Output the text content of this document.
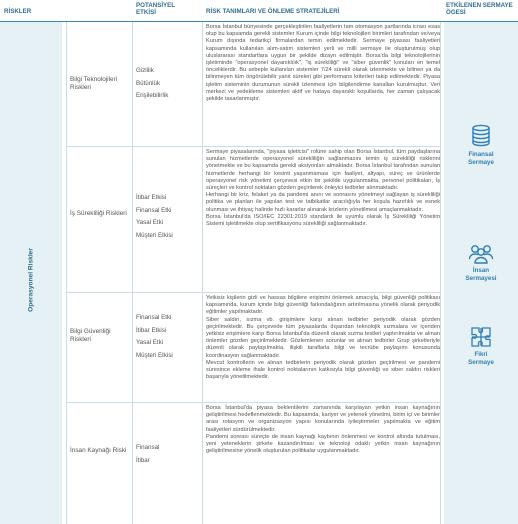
RİSKLER
POTANSİYEL ETKİSİ	RİSK TANIMLARI VE ÖNLEME STRATEJİLERİ
ETKİLENEN SERMAYE ÖGESİ
Operasyonel Riskler
Bilgi Teknolojileri Riskleri
Gizlilik
Bütünlük
Erişilebilirlik

Borsa İstanbul bünyesinde gerçekleştirilen faaliyetlerin tam otomasyon şartlarında icrası esas olup bu kapsamda gerekli sistemler Kurum içinde bilgi teknolojileri birimleri tarafından ve/veya Kurum dışında tedarikçi firmalardan temin edilmektedir. Sermaye piyasası faaliyetleri kapsamında kullanılan alım-satım sistemleri yerli ve milli sermaye ile oluşturulmuş olup uluslararası standartlara uygun bir şekilde dizayn edilmiştir. Borsa'da bilgi teknolojilerinin işletiminde "operasyonel dayanıklılık", "iş sürekliliği" ve "siber güvenlik" konuları en temel önceliklerdir. Bu sebeple kullanılan sistemler 7/24 sürekli olarak izlenmekte ve bilinen ya da bilinmeyen tüm öngörülebilir yanıt süreleri gibi performans kriterleri takip edilmektedir. Piyasa işletim sisteminin durumunun sürekli izlenmesi için bilgilendirme kanalları kurulmuştur. Veri merkezi ve yedekleme sistemleri aktif ve hataya dayanıklı koşullarda, her zaman çalışacak şekilde tasarlanmıştır.

İş Sürekliliği Riskleri
İtibar Etkisi
Finansal Etki
Yasal Etki
Müşteri Etkisi

Sermaye piyasalarında, "piyasa işleticisi" rolüne sahip olan Borsa İstanbul, tüm paydaşlarına sunulan hizmetlerde operasyonel sürekliliğin sağlanmasını temin iş sürekliliği risklerini yönetmekte ve bu kapsamda gerekli aksiyonları almaktadır. Borsa İstanbul tarafından sunulan hizmetlerde herhangi bir kesinti yaşanmaması için faaliyet, altyapı, süreç ve ürünlerde operasyonel risk yönetimi çerçevesi etkin bir şekilde uygulanmakta, personel politikaları, İş süreçleri ve kontrol noktaları gözden geçirilerek önleyici tedbirler alınmaktadır.

Herhangi bir kriz, felaket ya da pandemi anını ve sonrasını yönetmeyi sağlayan iş sürekliliği politika ve planları ile yapılan test ve tatbikatlar aracılığıyla her koşula hazırlıklı ve esnek olunması ve ihtiyaç halinde hızlı kararlar alınarak krizlerin yönetilmesi amaçlanmaktadır.

Borsa İstanbul'da ISO/IEC 22301:2019 standardı ile uyumlu olarak İş Sürekliliği Yönetim Sistemi işletilmekte olup sertifikasyonu sürekliliği sağlanmaktadır.

Bilgi Güvenliği Riskleri
Finansal Etki
İtibar Etkisi
Yasal Etki
Müşteri Etkisi

Yetkisiz kişilerin gizli ve hassas bilgilere erişimini önlemek amacıyla, bilgi güvenliği politikası kapsamında, kurum içinde bilgi güvenliği farkındalığının artırılmasına yönelik olarak periyodik eğitimler yapılmaktadır.

Siber saldırı, sızma vb. girişimlere karşı alınan tedbirler periyodik olarak gözden geçirilmektedir. Bu çerçevede tüm piyasalarda dışarıdan teknolojik sızmalara ve içeriden yetkisiz erişimlere karşı Borsa İstanbul'da düzenli olarak sızma testleri yaptırılmakta ve alınan önlemler gözden geçirilmektedir. Gözlemlenen sorunlar ve alınan tedbirler Grup şirketleriyle düzenli olarak paylaşılmakta, ilişkili taraflarla bilgi ve tecrübe paylaşımı konusunda koordinasyon sağlanmaktadır.

Mevcut kontrollerin ve alınan tedbirlerin periyodik olarak gözden geçirilmesi ve pandemi süresince ekleme ihale kontrol noktalarının katkısıyla bilgi güvenliği ve siber saldırı riskleri başarıyla yönetilmektedir.

İnsan Kaynağı Riski	Finansal
İtibar

Borsa İstanbul'da piyasa beklentilerini zamanında karşılayan yetkin insan kaynağının geliştirilmesi hedeflenmektedir. Bu kapsamda, kariyer ve yetenek yönetimi, birim içi ve birimler arası rotasyon ve organizasyon yapısı konularında iyileştirmeler yapılmakta ve eğitim faaliyetleri sürdürülmektedir.

Pandemi sonrası süreçte de insan kaynağı kaybının önlenmesi ve kontrol altında tutulması, yeni yeteneklerin şirkete kazandırılması ve teknoloji odaklı yetkin insan kaynağının geliştirilmesine yönelik oluşturulan politikalar uygulanmaktadır.

Finansal
Sermaye
İnsan
Sermayesi
Fikri
Sermaye
